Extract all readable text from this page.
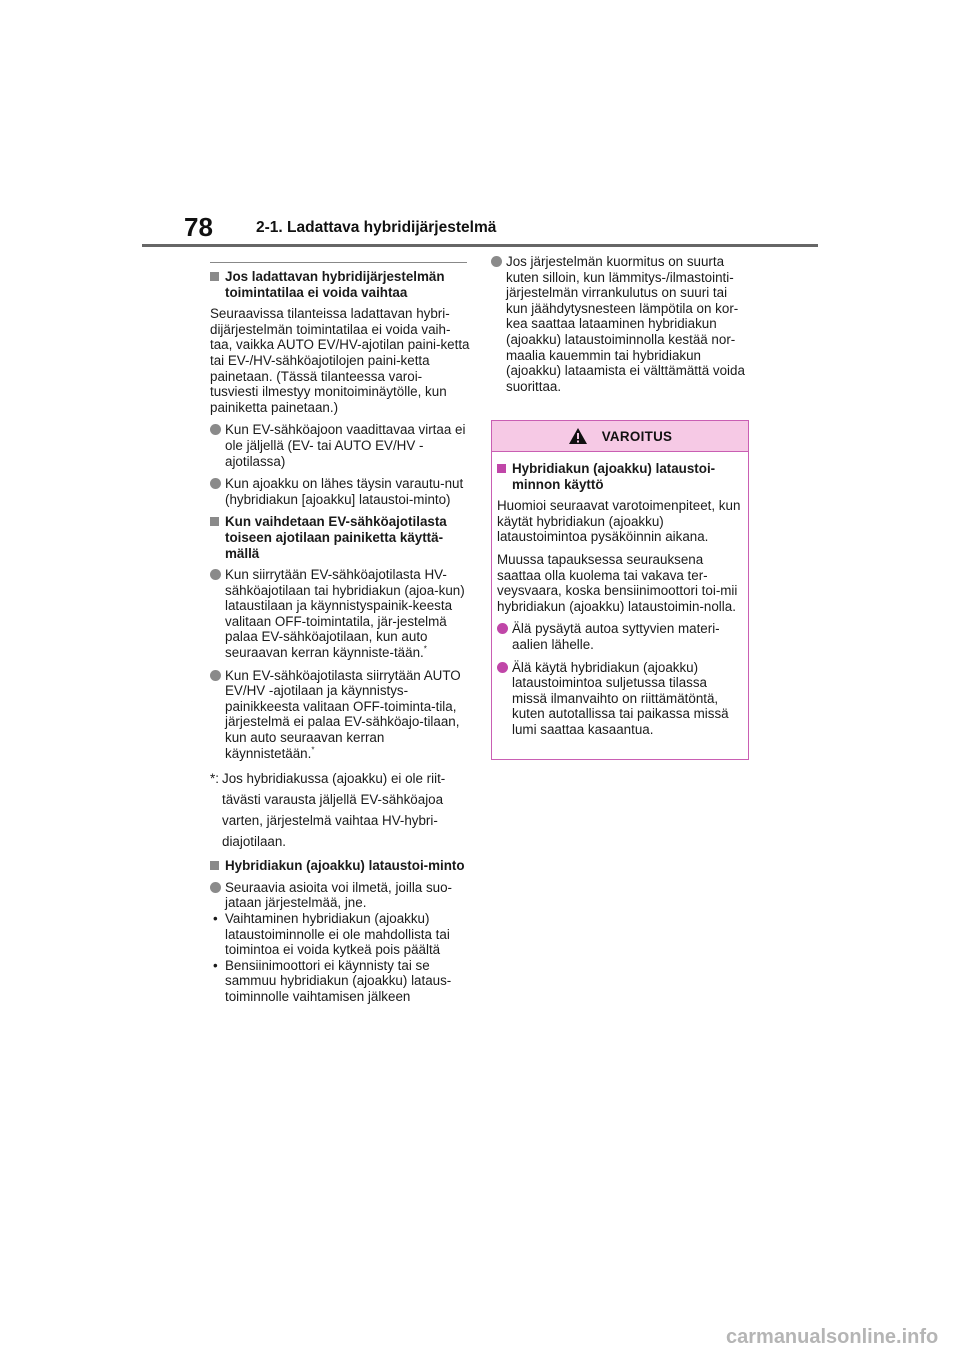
78	2-1. Ladattava hybridijärjestelmä
Jos ladattavan hybridijärjestelmän toimintatilaa ei voida vaihtaa

Seuraavissa tilanteissa ladattavan hybri-dijärjestelmän toimintatilaa ei voida vaih-taa, vaikka AUTO EV/HV-ajotilan paini-ketta tai EV-/HV-sähköajotilojen paini-ketta painetaan. (Tässä tilanteessa varoi-tusviesti ilmestyy monitoiminäytölle, kun painiketta painetaan.)

Kun EV-sähköajoon vaadittavaa virtaa ei ole jäljellä (EV- tai AUTO EV/HV -ajotilassa)
Kun ajoakku on lähes täysin varautu-nut (hybridiakun [ajoakku] lataustoi-minto)
Kun vaihdetaan EV-sähköajotilasta toiseen ajotilaan painiketta käyttä-mällä
Kun siirrytään EV-sähköajotilasta HV-sähköajotilaan tai hybridiakun (ajoa-kun) lataustilaan ja käynnistyspainik-keesta valitaan OFF-toimintatila, jär-jestelmä palaa EV-sähköajotilaan, kun auto seuraavan kerran käynniste-tään.*
Kun EV-sähköajotilasta siirrytään AUTO EV/HV -ajotilaan ja käynnistys-painikkeesta valitaan OFF-toiminta-tila, järjestelmä ei palaa EV-sähköajo-tilaan, kun auto seuraavan kerran käynnistetään.*
*: Jos hybridiakussa (ajoakku) ei ole riit-tävästi varausta jäljellä EV-sähköajoa varten, järjestelmä vaihtaa HV-hybri-diajotilaan.
Hybridiakun (ajoakku) lataustoi-minto
Seuraavia asioita voi ilmetä, joilla suo-jataan järjestelmää, jne.
• Vaihtaminen hybridiakun (ajoakku) lataustoiminnolle ei ole mahdollista tai toimintoa ei voida kytkeä pois päältä
• Bensiinimoottori ei käynnisty tai se sammuu hybridiakun (ajoakku) lataus-toiminnolle vaihtamisen jälkeen
Jos järjestelmän kuormitus on suurta kuten silloin, kun lämmitys-/ilmastointi-järjestelmän virrankulutus on suuri tai kun jäähdytysnesteen lämpötila on kor-kea saattaa lataaminen hybridiakun (ajoakku) lataustoiminnolla kestää nor-maalia kauemmin tai hybridiakun (ajoakku) lataamista ei välttämättä voida suorittaa.
VAROITUS
Hybridiakun (ajoakku) lataustoi-minnon käyttö

Huomioi seuraavat varotoimenpiteet, kun käytät hybridiakun (ajoakku) lataustoimintoa pysäköinnin aikana.

Muussa tapauksessa seurauksena saattaa olla kuolema tai vakava ter-veysvaara, koska bensiinimoottori toi-mii hybridiakun (ajoakku) lataustoimin-nolla.

Älä pysäytä autoa syttyvien materi-aalien lähelle.
Älä käytä hybridiakun (ajoakku) lataustoimintoa suljetussa tilassa missä ilmanvaihto on riittämätöntä, kuten autotallissa tai paikassa missä lumi saattaa kasaantua.
carmanualsonline.info
